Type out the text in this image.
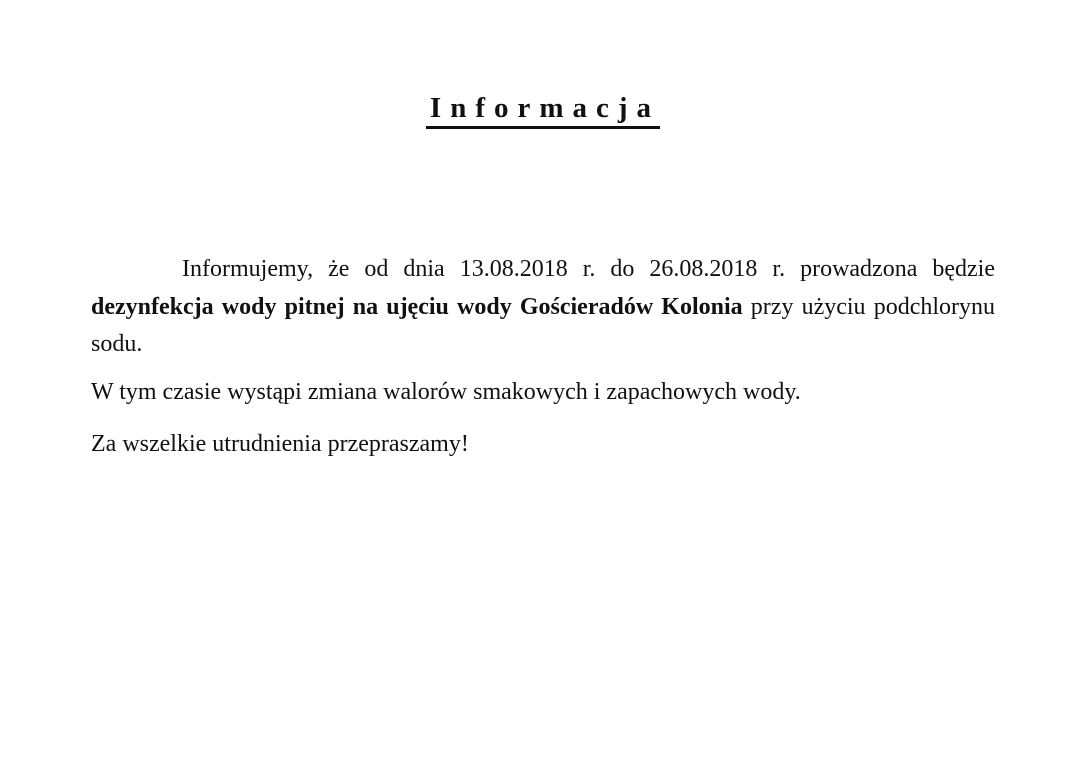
Informacja
Informujemy, że od dnia 13.08.2018 r. do 26.08.2018 r. prowadzona będzie dezynfekcja wody pitnej na ujęciu wody Gościeradów Kolonia przy użyciu podchlorynu sodu.
W tym czasie wystąpi zmiana walorów smakowych i zapachowych wody.
Za wszelkie utrudnienia przepraszamy!
